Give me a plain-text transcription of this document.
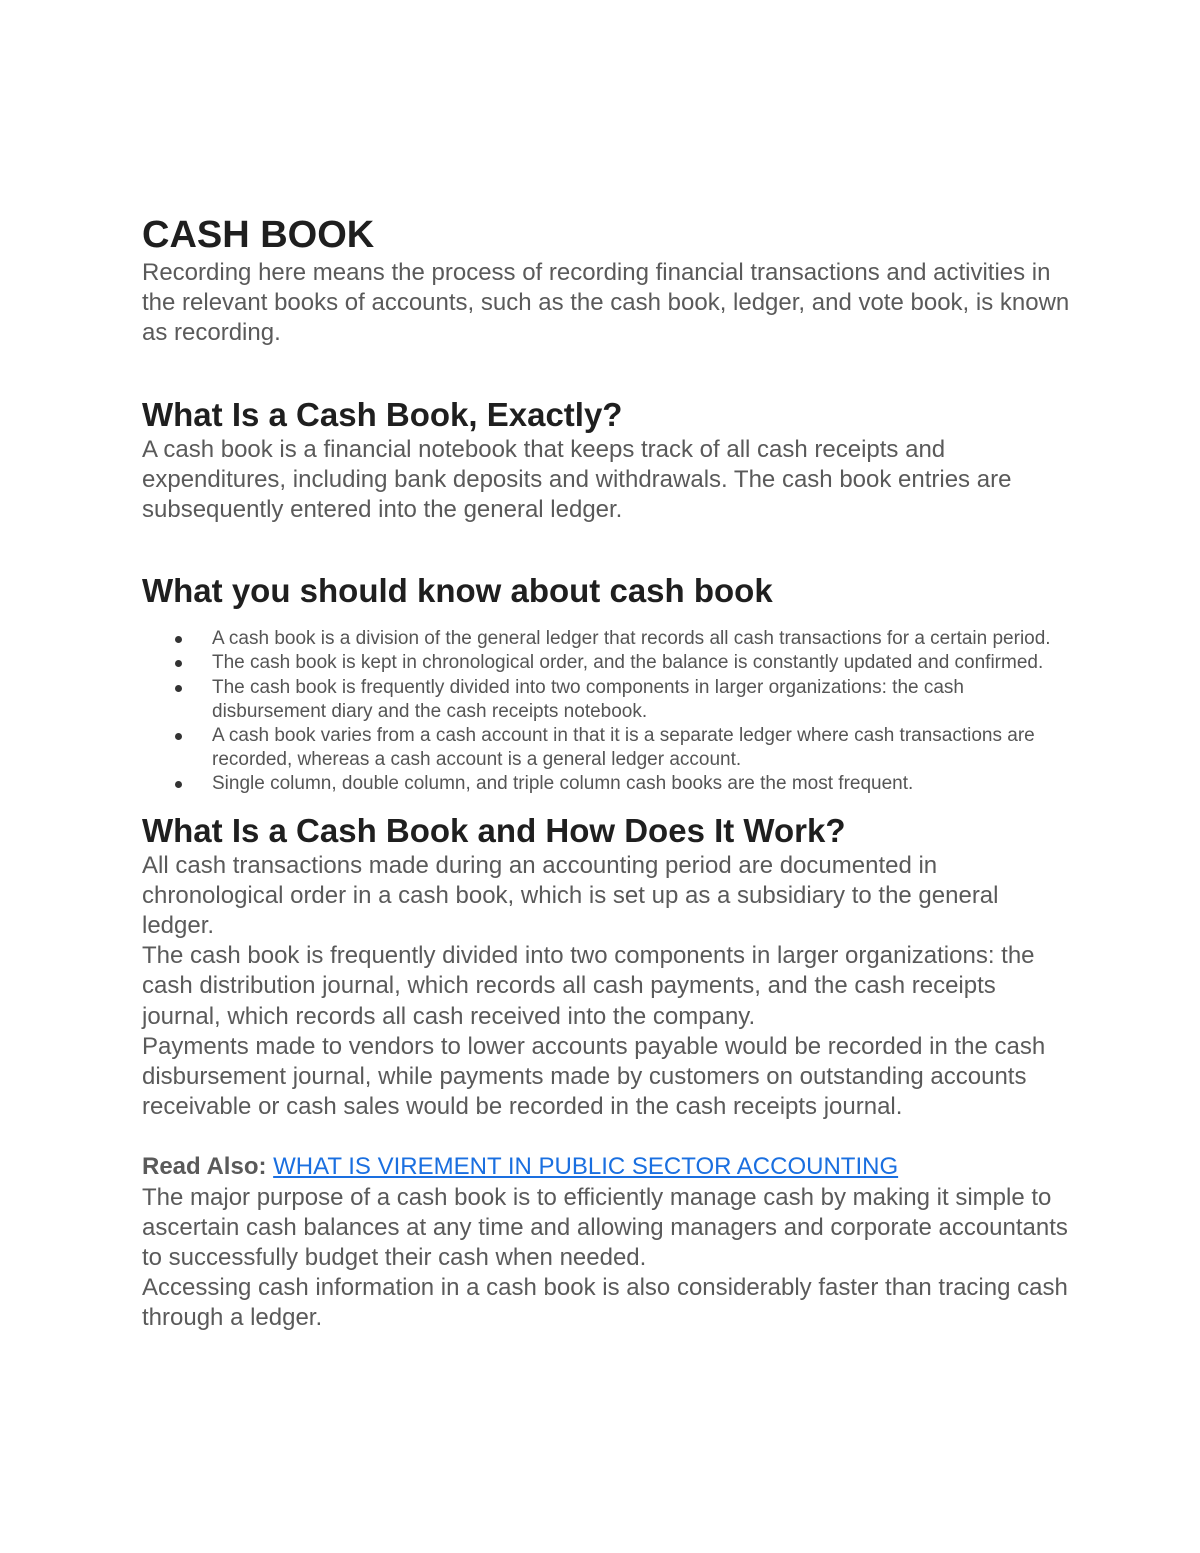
CASH BOOK

Recording here means the process of recording financial transactions and activities in the relevant books of accounts, such as the cash book, ledger, and vote book, is known as recording.

What Is a Cash Book, Exactly?

A cash book is a financial notebook that keeps track of all cash receipts and expenditures, including bank deposits and withdrawals. The cash book entries are subsequently entered into the general ledger.

What you should know about cash book
A cash book is a division of the general ledger that records all cash transactions for a certain period.
The cash book is kept in chronological order, and the balance is constantly updated and confirmed.
The cash book is frequently divided into two components in larger organizations: the cash disbursement diary and the cash receipts notebook.
A cash book varies from a cash account in that it is a separate ledger where cash transactions are recorded, whereas a cash account is a general ledger account.
Single column, double column, and triple column cash books are the most frequent.
What Is a Cash Book and How Does It Work?

All cash transactions made during an accounting period are documented in chronological order in a cash book, which is set up as a subsidiary to the general ledger.

The cash book is frequently divided into two components in larger organizations: the cash distribution journal, which records all cash payments, and the cash receipts journal, which records all cash received into the company.

Payments made to vendors to lower accounts payable would be recorded in the cash disbursement journal, while payments made by customers on outstanding accounts receivable or cash sales would be recorded in the cash receipts journal.

Read Also: WHAT IS VIREMENT IN PUBLIC SECTOR ACCOUNTING

The major purpose of a cash book is to efficiently manage cash by making it simple to ascertain cash balances at any time and allowing managers and corporate accountants to successfully budget their cash when needed.

Accessing cash information in a cash book is also considerably faster than tracing cash through a ledger.
